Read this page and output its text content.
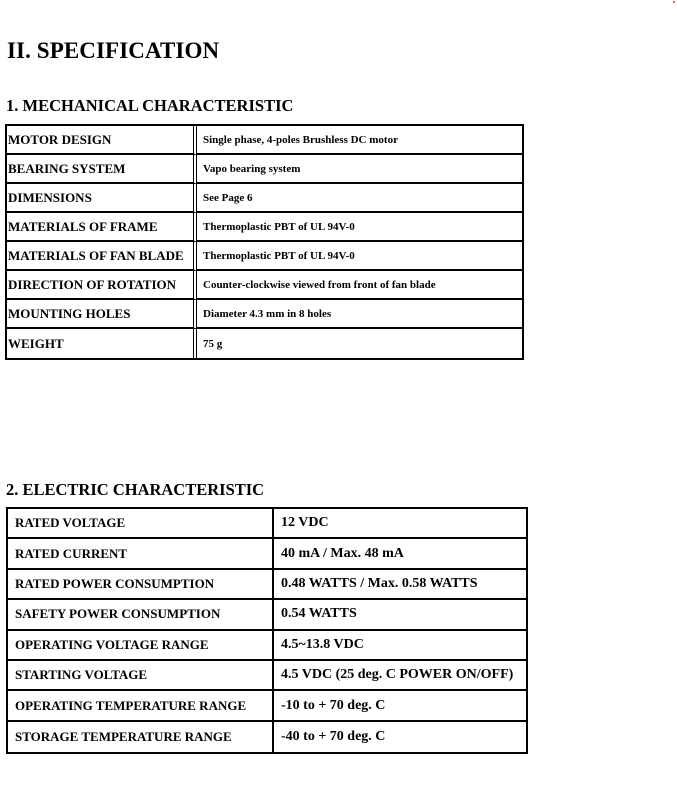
II. SPECIFICATION
1. MECHANICAL CHARACTERISTIC
MOTOR DESIGN	Single phase, 4-poles Brushless DC motor
BEARING SYSTEM	Vapo bearing system
DIMENSIONS	See Page 6
MATERIALS OF FRAME	Thermoplastic PBT of UL 94V-0
MATERIALS OF FAN BLADE	Thermoplastic PBT of UL 94V-0
DIRECTION OF ROTATION	Counter-clockwise viewed from front of fan blade
MOUNTING HOLES	Diameter 4.3 mm in 8 holes
WEIGHT	75 g
2. ELECTRIC CHARACTERISTIC
RATED VOLTAGE	12 VDC
RATED CURRENT	40 mA / Max. 48 mA
RATED POWER CONSUMPTION	0.48 WATTS / Max. 0.58 WATTS
SAFETY POWER CONSUMPTION	0.54 WATTS
OPERATING VOLTAGE RANGE	4.5~13.8 VDC
STARTING VOLTAGE	4.5 VDC (25 deg. C POWER ON/OFF)
OPERATING TEMPERATURE RANGE	-10 to + 70 deg. C
STORAGE TEMPERATURE RANGE	-40 to + 70 deg. C
